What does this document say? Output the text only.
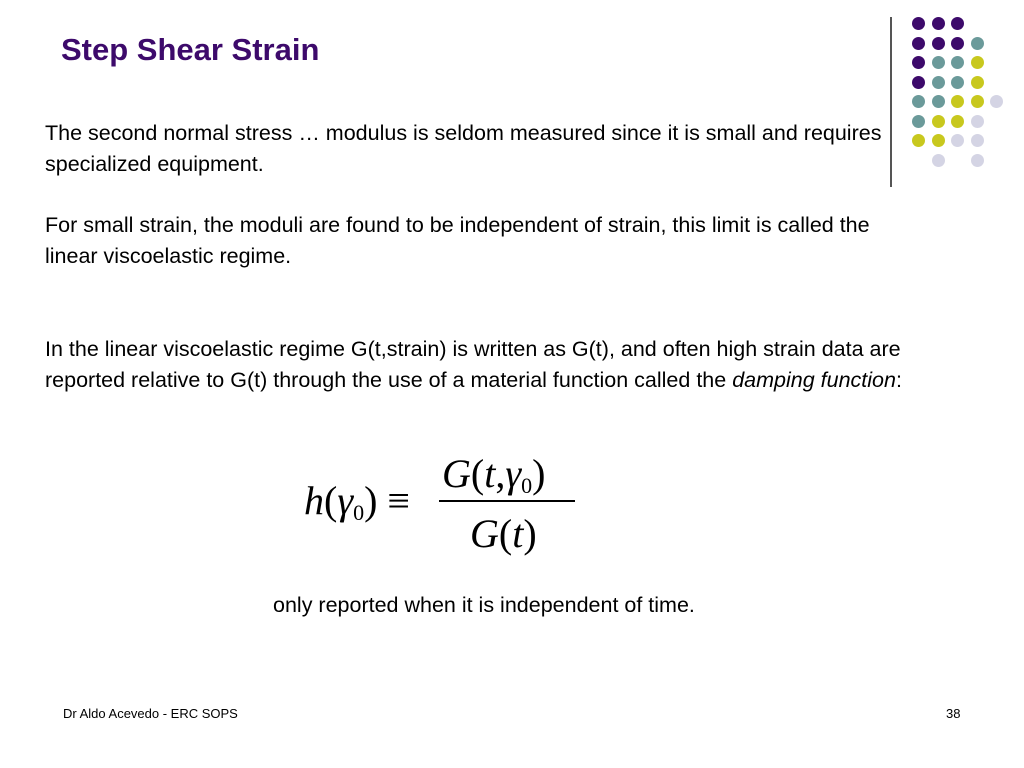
Step Shear Strain
The second normal stress … modulus is seldom measured since it is small and requires specialized equipment.
For small strain, the moduli are found to be independent of strain, this limit is called the linear viscoelastic regime.
In the linear viscoelastic regime G(t,strain) is written as G(t), and often high strain data are reported relative to G(t) through the use of a material function called the damping function:
$h(\gamma_0)$ ≡
$G(t,\gamma_0)$
G(t)
only reported when it is independent of time.
Dr Aldo Acevedo - ERC SOPS	38
